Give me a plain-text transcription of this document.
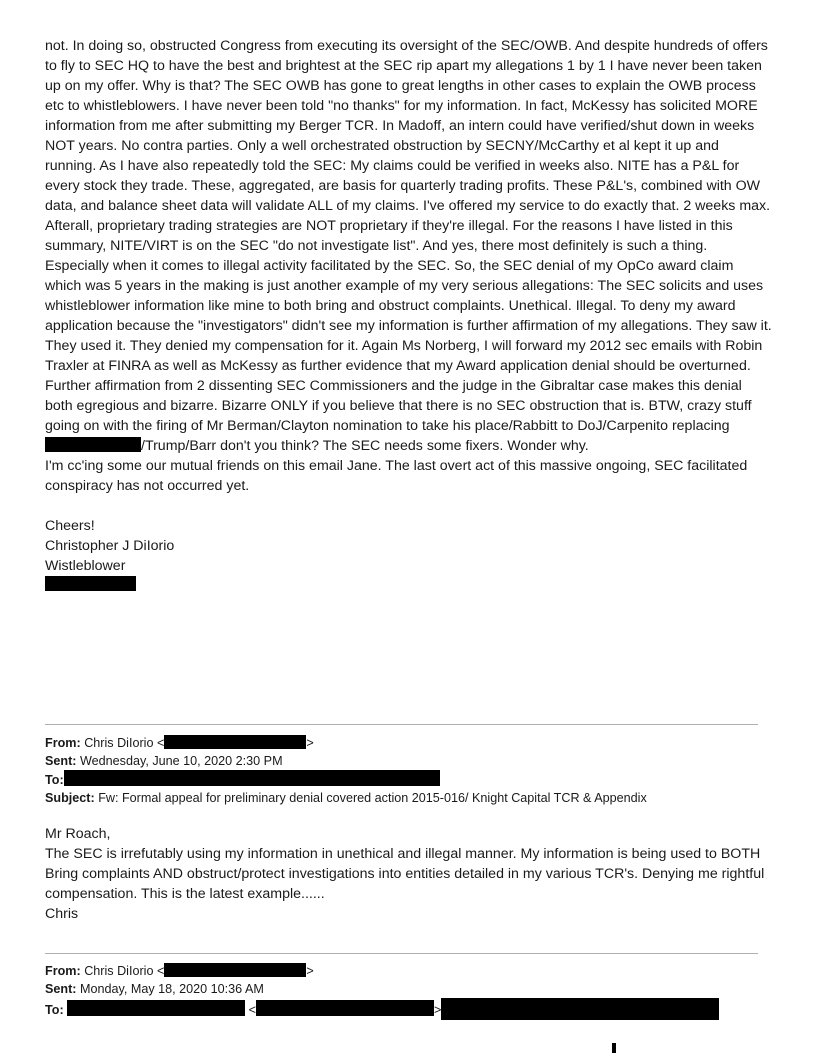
not. In doing so, obstructed Congress from executing its oversight of the SEC/OWB. And despite hundreds of offers to fly to SEC HQ to have the best and brightest at the SEC rip apart my allegations 1 by 1 I have never been taken up on my offer. Why is that? The SEC OWB has gone to great lengths in other cases to explain the OWB process etc to whistleblowers. I have never been told "no thanks" for my information. In fact, McKessy has solicited MORE information from me after submitting my Berger TCR. In Madoff, an intern could have verified/shut down in weeks NOT years. No contra parties. Only a well orchestrated obstruction by SECNY/McCarthy et al kept it up and running. As I have also repeatedly told the SEC: My claims could be verified in weeks also. NITE has a P&L for every stock they trade. These, aggregated, are basis for quarterly trading profits. These P&L's, combined with OW data, and balance sheet data will validate ALL of my claims. I've offered my service to do exactly that. 2 weeks max. Afterall, proprietary trading strategies are NOT proprietary if they're illegal. For the reasons I have listed in this summary, NITE/VIRT is on the SEC "do not investigate list". And yes, there most definitely is such a thing. Especially when it comes to illegal activity facilitated by the SEC. So, the SEC denial of my OpCo award claim which was 5 years in the making is just another example of my very serious allegations: The SEC solicits and uses whistleblower information like mine to both bring and obstruct complaints. Unethical. Illegal. To deny my award application because the "investigators" didn't see my information is further affirmation of my allegations. They saw it. They used it. They denied my compensation for it. Again Ms Norberg, I will forward my 2012 sec emails with Robin Traxler at FINRA as well as McKessy as further evidence that my Award application denial should be overturned. Further affirmation from 2 dissenting SEC Commissioners and the judge in the Gibraltar case makes this denial both egregious and bizarre. Bizarre ONLY if you believe that there is no SEC obstruction that is. BTW, crazy stuff going on with the firing of Mr Berman/Clayton nomination to take his place/Rabbitt to DoJ/Carpenito replacing /Trump/Barr don't you think? The SEC needs some fixers. Wonder why.

I'm cc'ing some our mutual friends on this email Jane. The last overt act of this massive ongoing, SEC facilitated conspiracy has not occurred yet.

Cheers!
Christopher J DiIorio
Wistleblower
From: Chris DiIorio <	>
Sent: Wednesday, June 10, 2020 2:30 PM
To:
Subject: Fw: Formal appeal for preliminary denial covered action 2015-016/ Knight Capital TCR & Appendix

Mr Roach,

The SEC is irrefutably using my information in unethical and illegal manner. My information is being used to BOTH Bring complaints AND obstruct/protect investigations into entities detailed in my various TCR's. Denying me rightful compensation. This is the latest example......

Chris

From: Chris DiIorio <	>
Sent: Monday, May 18, 2020 10:36 AM
To:	<	>
